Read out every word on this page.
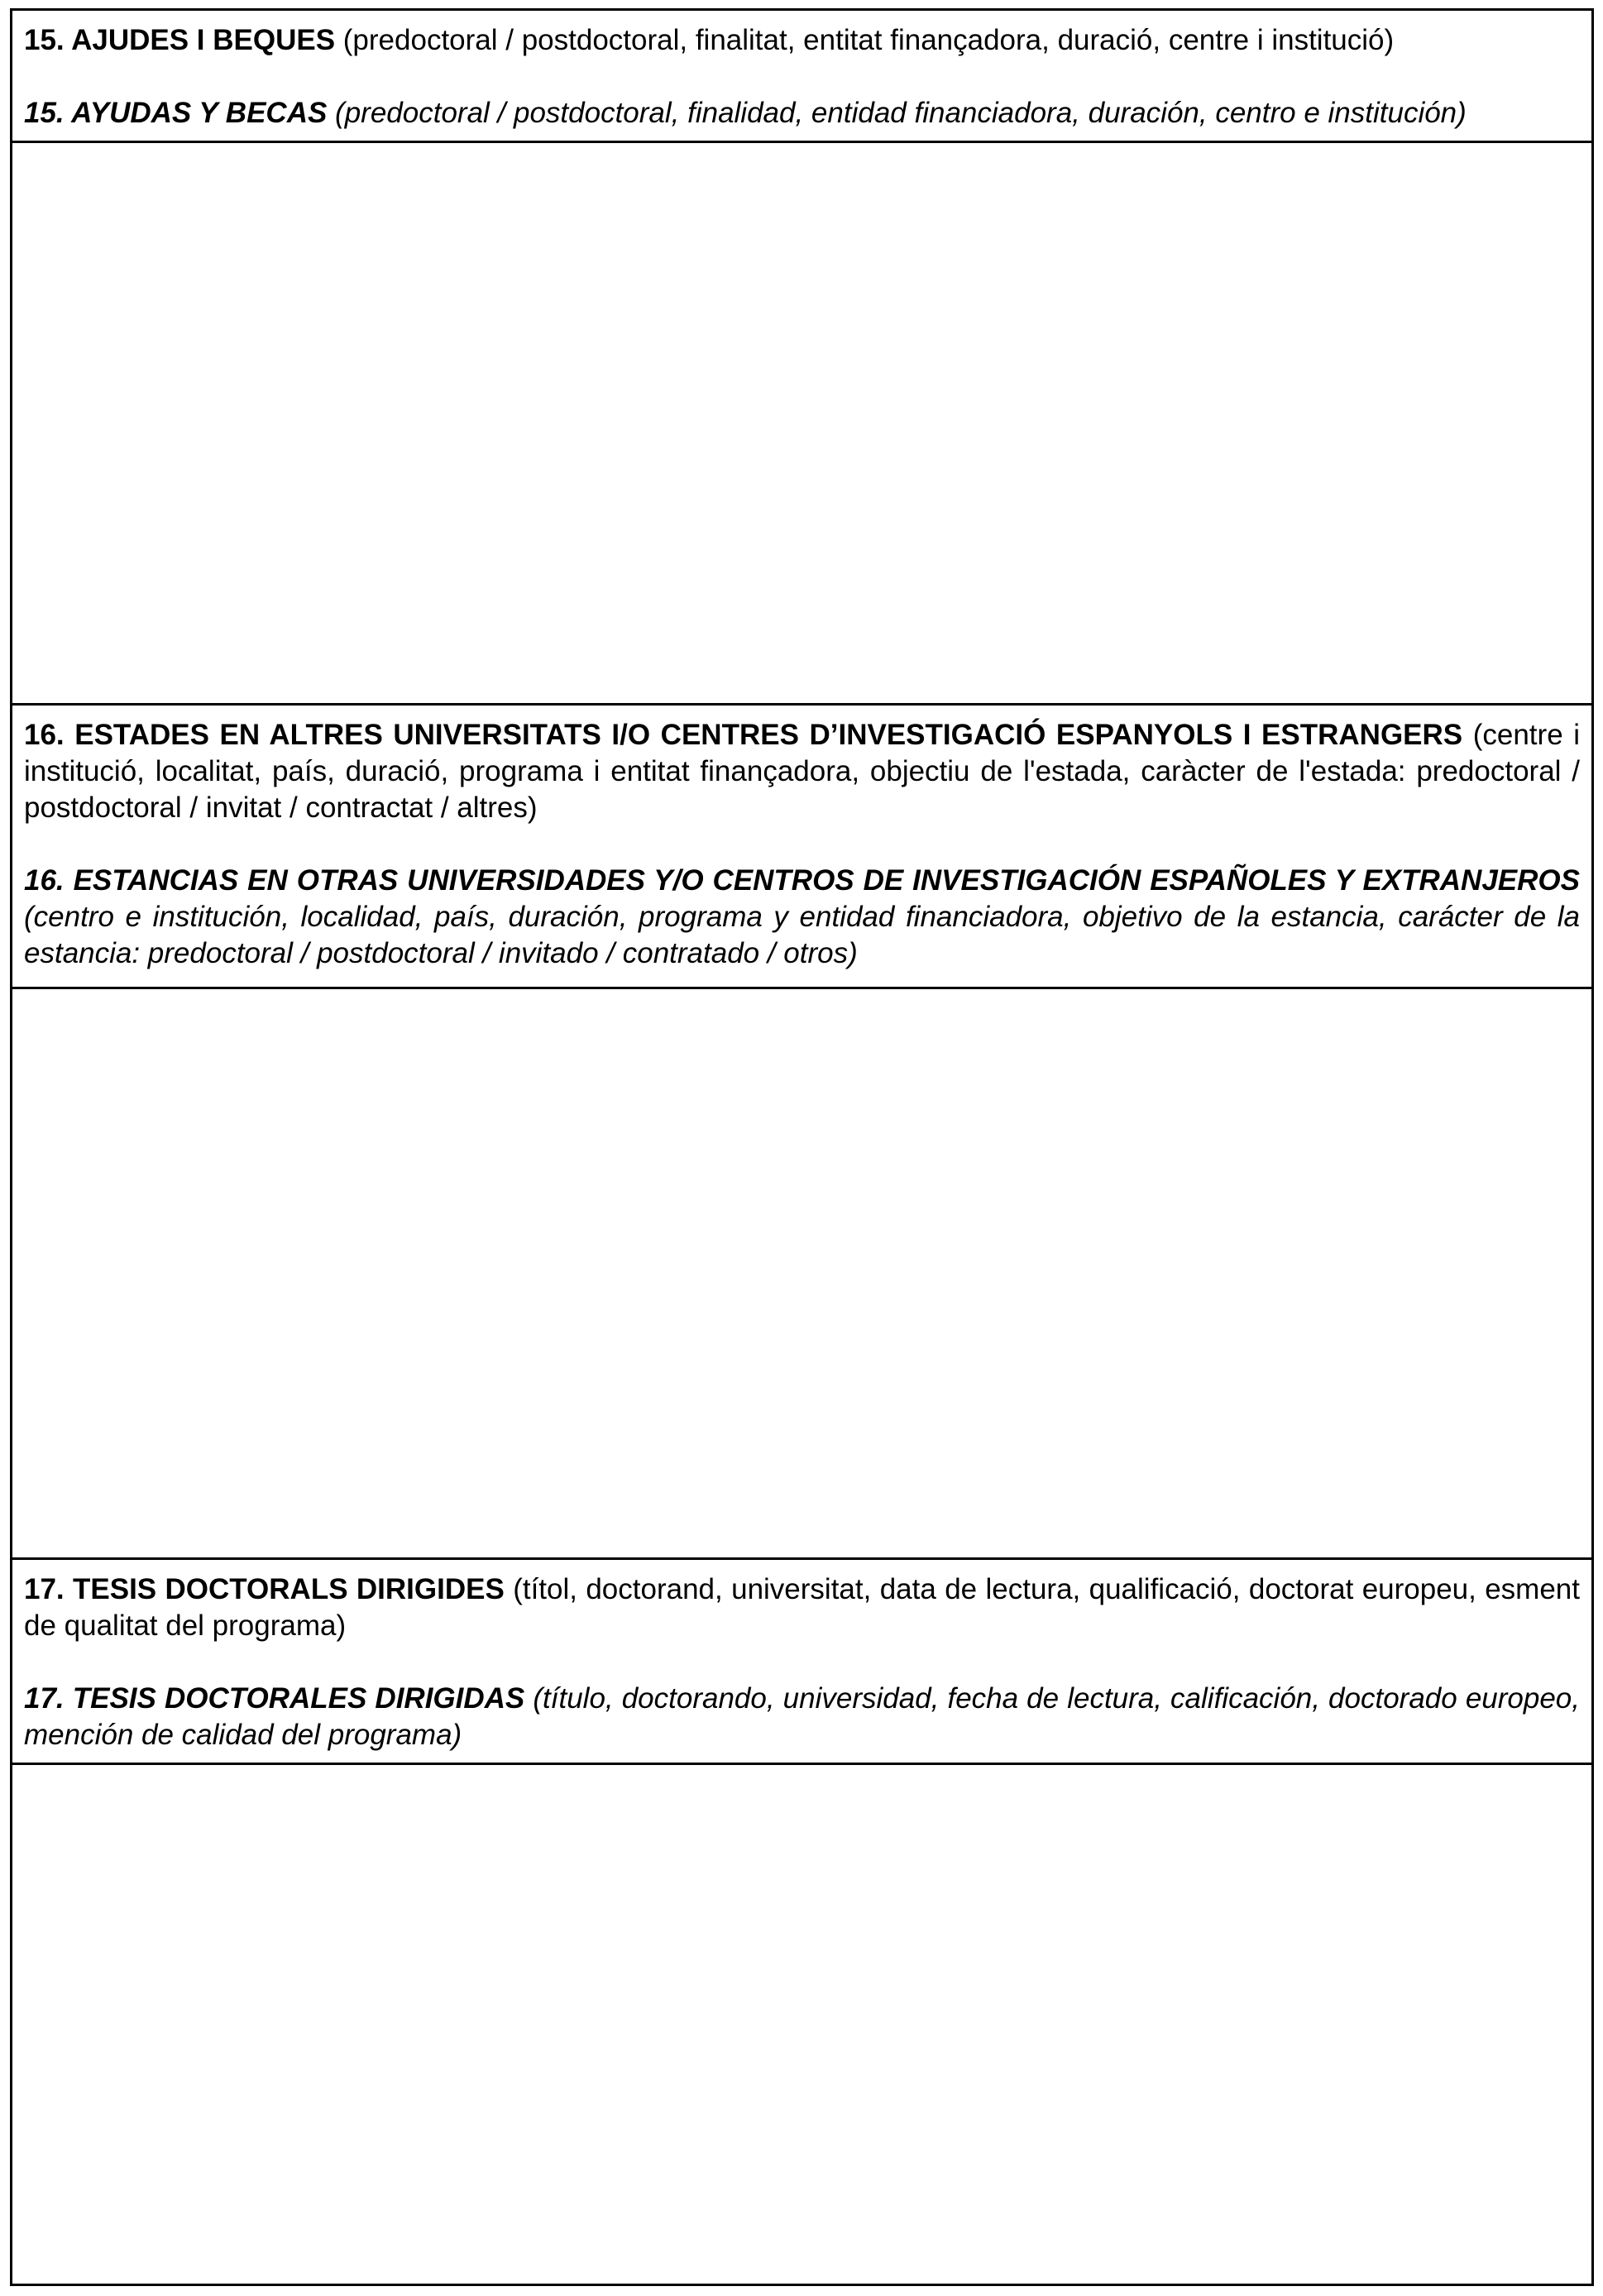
15. AJUDES I BEQUES (predoctoral / postdoctoral, finalitat, entitat finançadora, duració, centre i institució)

15. AYUDAS Y BECAS (predoctoral / postdoctoral, finalidad, entidad financiadora, duración, centro e institución)

16. ESTADES EN ALTRES UNIVERSITATS I/O CENTRES D’INVESTIGACIÓ ESPANYOLS I ESTRANGERS (centre i institució, localitat, país, duració, programa i entitat finançadora, objectiu de l'estada, caràcter de l'estada: predoctoral / postdoctoral / invitat / contractat / altres)

16. ESTANCIAS EN OTRAS UNIVERSIDADES Y/O CENTROS DE INVESTIGACIÓN ESPAÑOLES Y EXTRANJEROS (centro e institución, localidad, país, duración, programa y entidad financiadora, objetivo de la estancia, carácter de la estancia: predoctoral / postdoctoral / invitado / contratado / otros)

17. TESIS DOCTORALS DIRIGIDES (títol, doctorand, universitat, data de lectura, qualificació, doctorat europeu, esment de qualitat del programa)

17. TESIS DOCTORALES DIRIGIDAS (título, doctorando, universidad, fecha de lectura, calificación, doctorado europeo, mención de calidad del programa)
